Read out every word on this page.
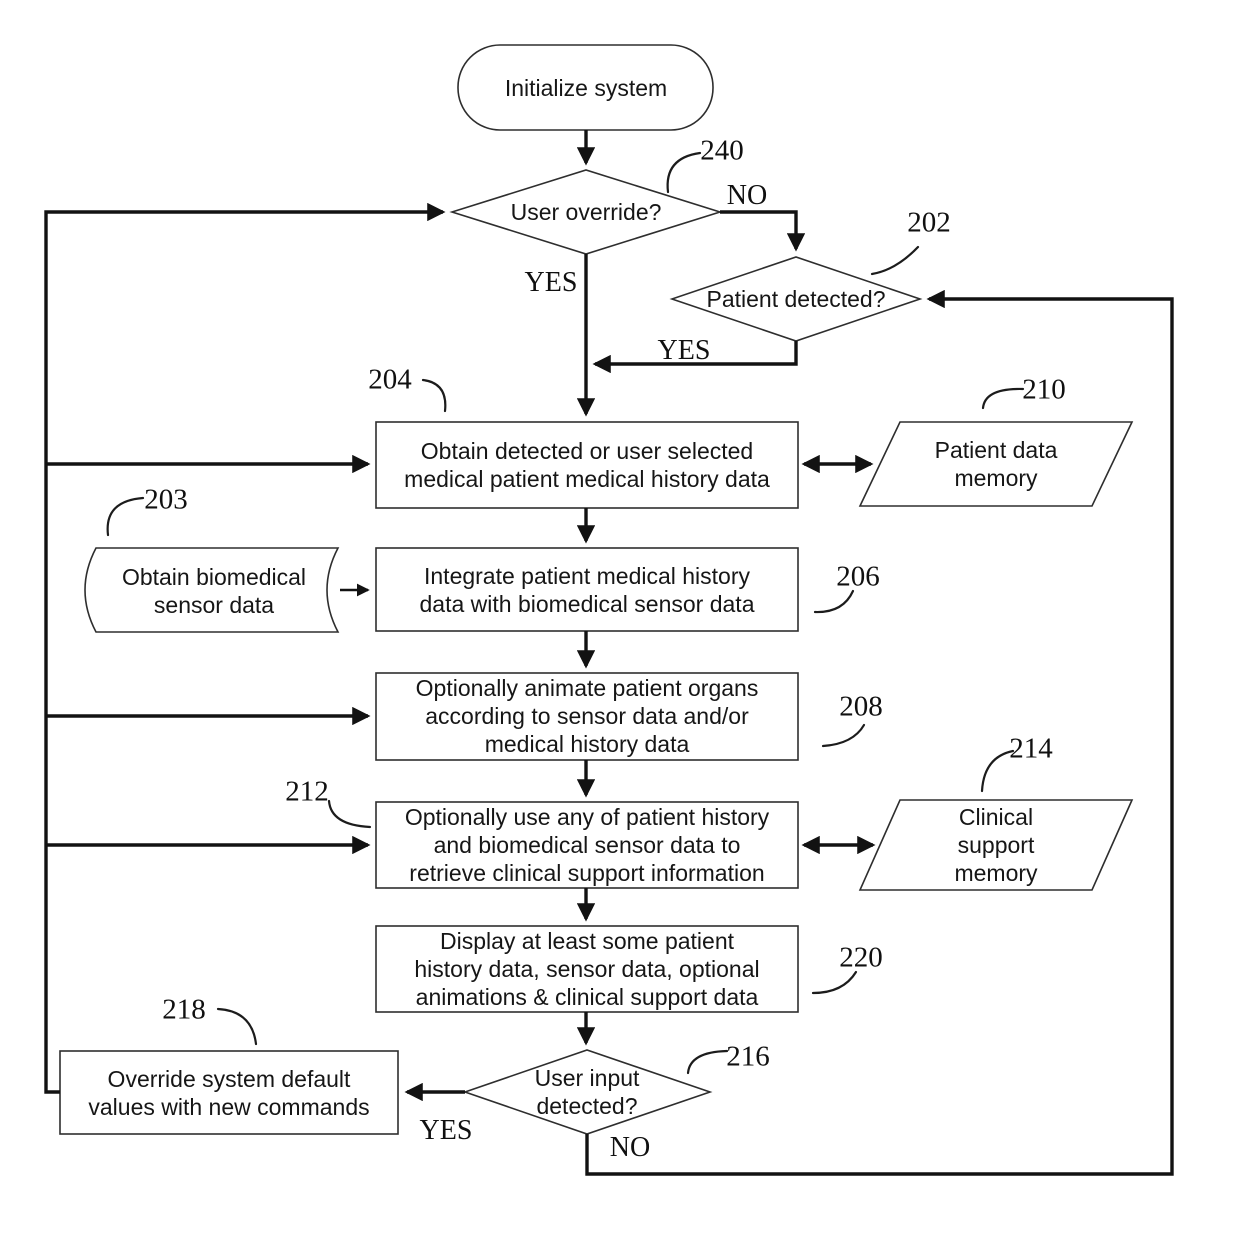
Initialize system
User override?
Patient detected?
Obtain detected or user selected
medical patient medical history data
Patient data
memory
Obtain biomedical
sensor data
Integrate patient medical history
data with biomedical sensor data
Optionally animate patient organs
according to sensor data and/or
medical history data
Optionally use any of patient history
and biomedical sensor data to
retrieve clinical support information
Clinical
support
memory
Display at least some patient
history data, sensor data, optional
animations & clinical support data
User input
detected?
Override system default
values with new commands
240
202
204	210
203
206
208
212
214
220
216
218
NO
YES
YES
YES
NO
